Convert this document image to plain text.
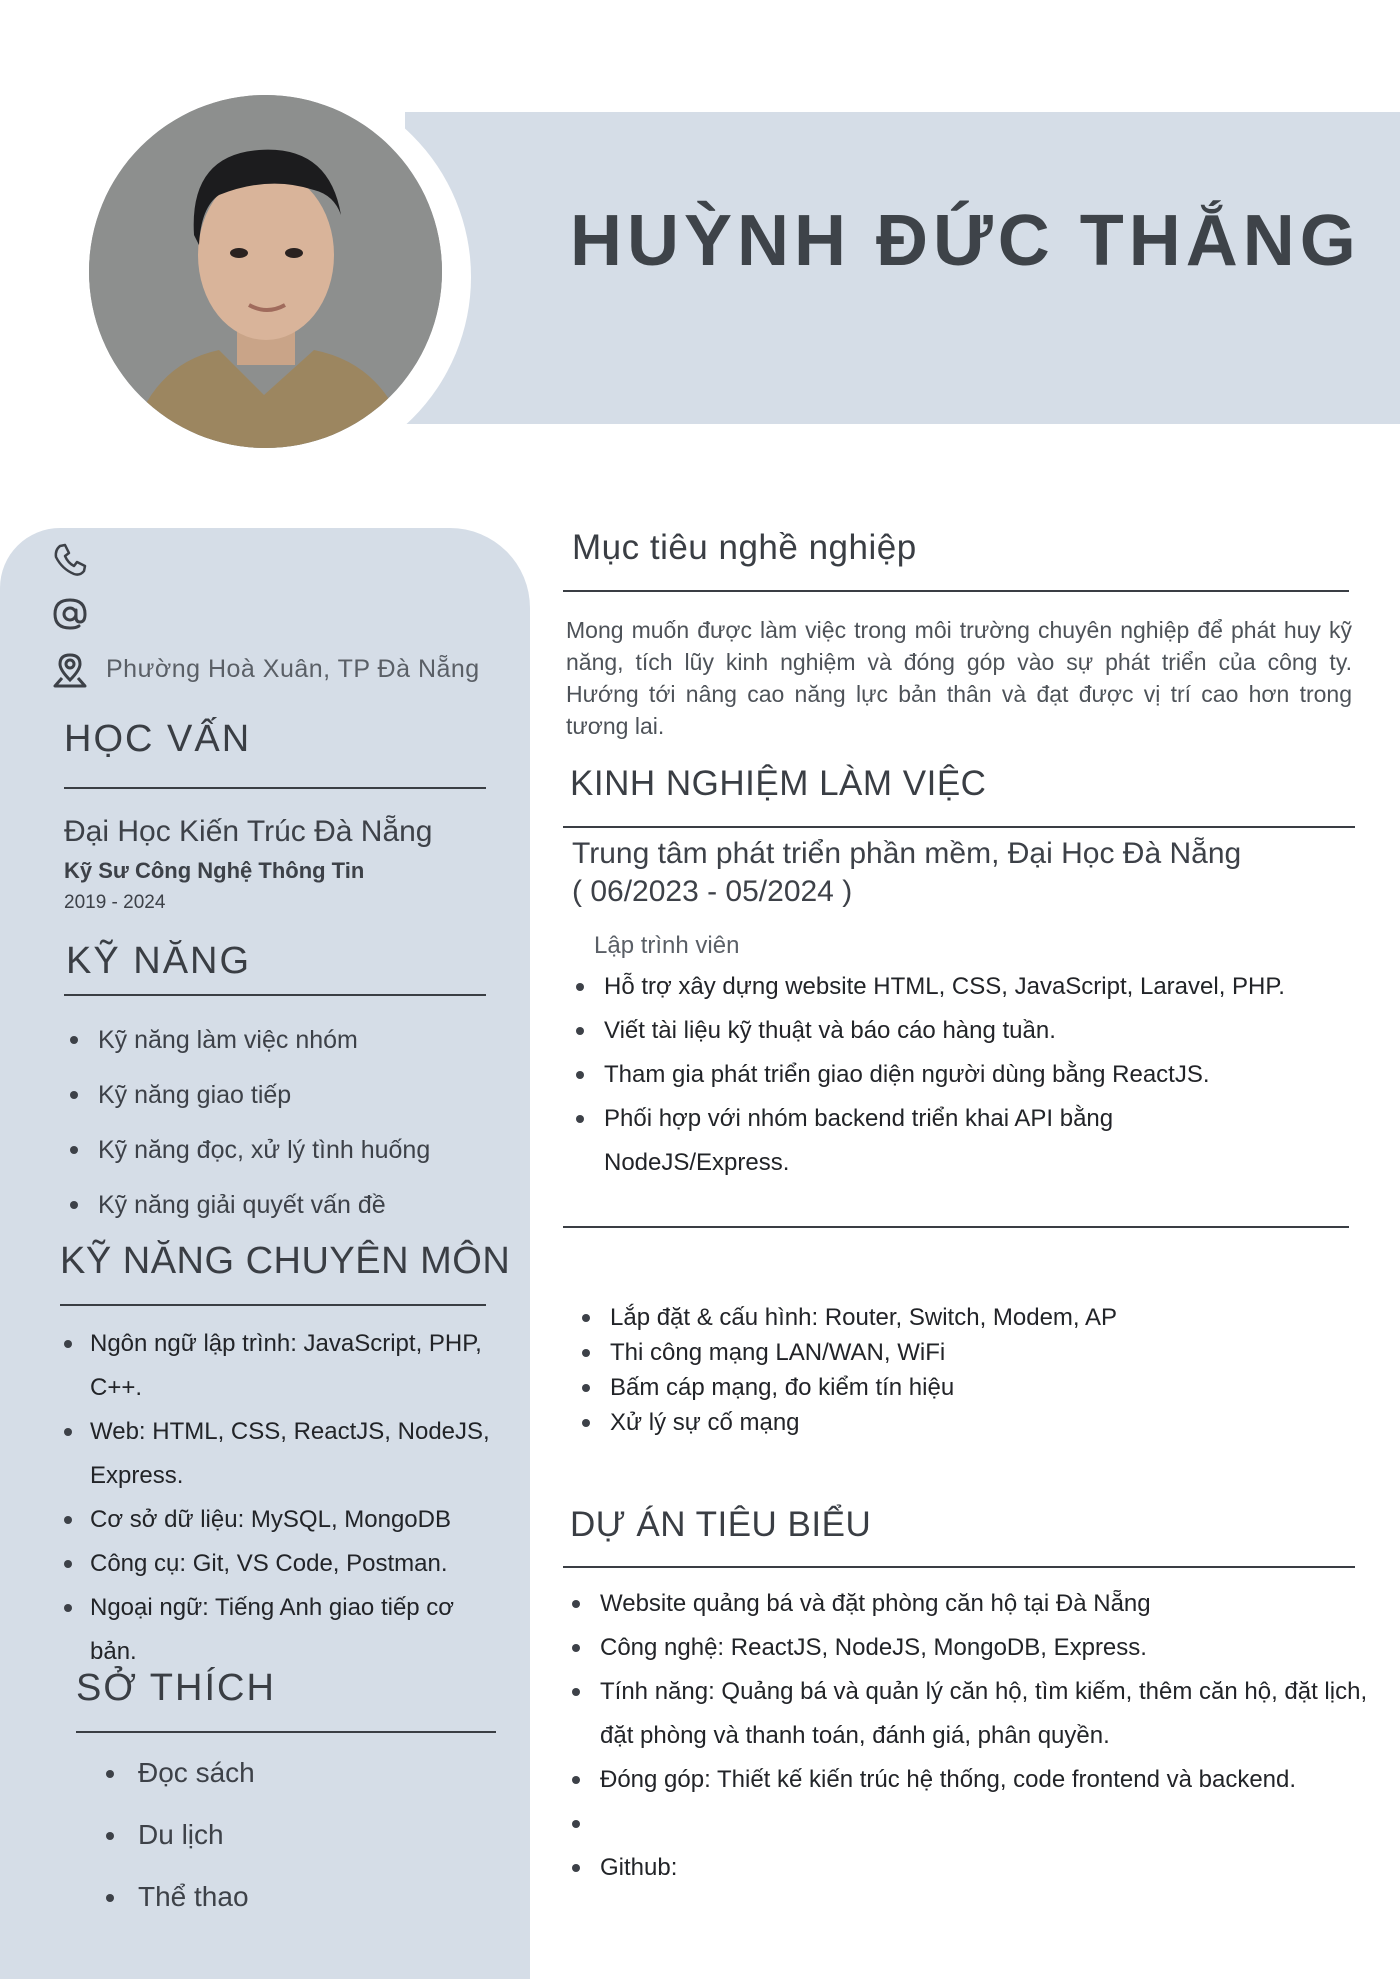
HUỲNH ĐỨC THẮNG
Phường Hoà Xuân, TP Đà Nẵng
HỌC VẤN
Đại Học Kiến Trúc Đà Nẵng
Kỹ Sư Công Nghệ Thông Tin
2019 - 2024
KỸ NĂNG
Kỹ năng làm việc nhóm
Kỹ năng giao tiếp
Kỹ năng đọc, xử lý tình huống
Kỹ năng giải quyết vấn đề
KỸ NĂNG CHUYÊN MÔN
Ngôn ngữ lập trình: JavaScript, PHP, C++.
Web: HTML, CSS, ReactJS, NodeJS, Express.
Cơ sở dữ liệu: MySQL, MongoDB
Công cụ: Git, VS Code, Postman.
Ngoại ngữ: Tiếng Anh giao tiếp cơ bản.
SỞ THÍCH
Đọc sách
Du lịch
Thể thao
Mục tiêu nghề nghiệp
Mong muốn được làm việc trong môi trường chuyên nghiệp để phát huy kỹ năng, tích lũy kinh nghiệm và đóng góp vào sự phát triển của công ty. Hướng tới nâng cao năng lực bản thân và đạt được vị trí cao hơn trong tương lai.
KINH NGHIỆM LÀM VIỆC
Trung tâm phát triển phần mềm, Đại Học Đà Nẵng
( 06/2023 - 05/2024 )
Lập trình viên
Hỗ trợ xây dựng website HTML, CSS, JavaScript, Laravel, PHP.
Viết tài liệu kỹ thuật và báo cáo hàng tuần.
Tham gia phát triển giao diện người dùng bằng ReactJS.
Phối hợp với nhóm backend triển khai API bằng NodeJS/Express.
Lắp đặt & cấu hình: Router, Switch, Modem, AP
Thi công mạng LAN/WAN, WiFi
Bấm cáp mạng, đo kiểm tín hiệu
Xử lý sự cố mạng
DỰ ÁN TIÊU BIỂU
Website quảng bá và đặt phòng căn hộ tại Đà Nẵng
Công nghệ: ReactJS, NodeJS, MongoDB, Express.
Tính năng: Quảng bá và quản lý căn hộ, tìm kiếm, thêm căn hộ, đặt lịch, đặt phòng và thanh toán, đánh giá, phân quyền.
Đóng góp: Thiết kế kiến trúc hệ thống, code frontend và backend.
Github:
